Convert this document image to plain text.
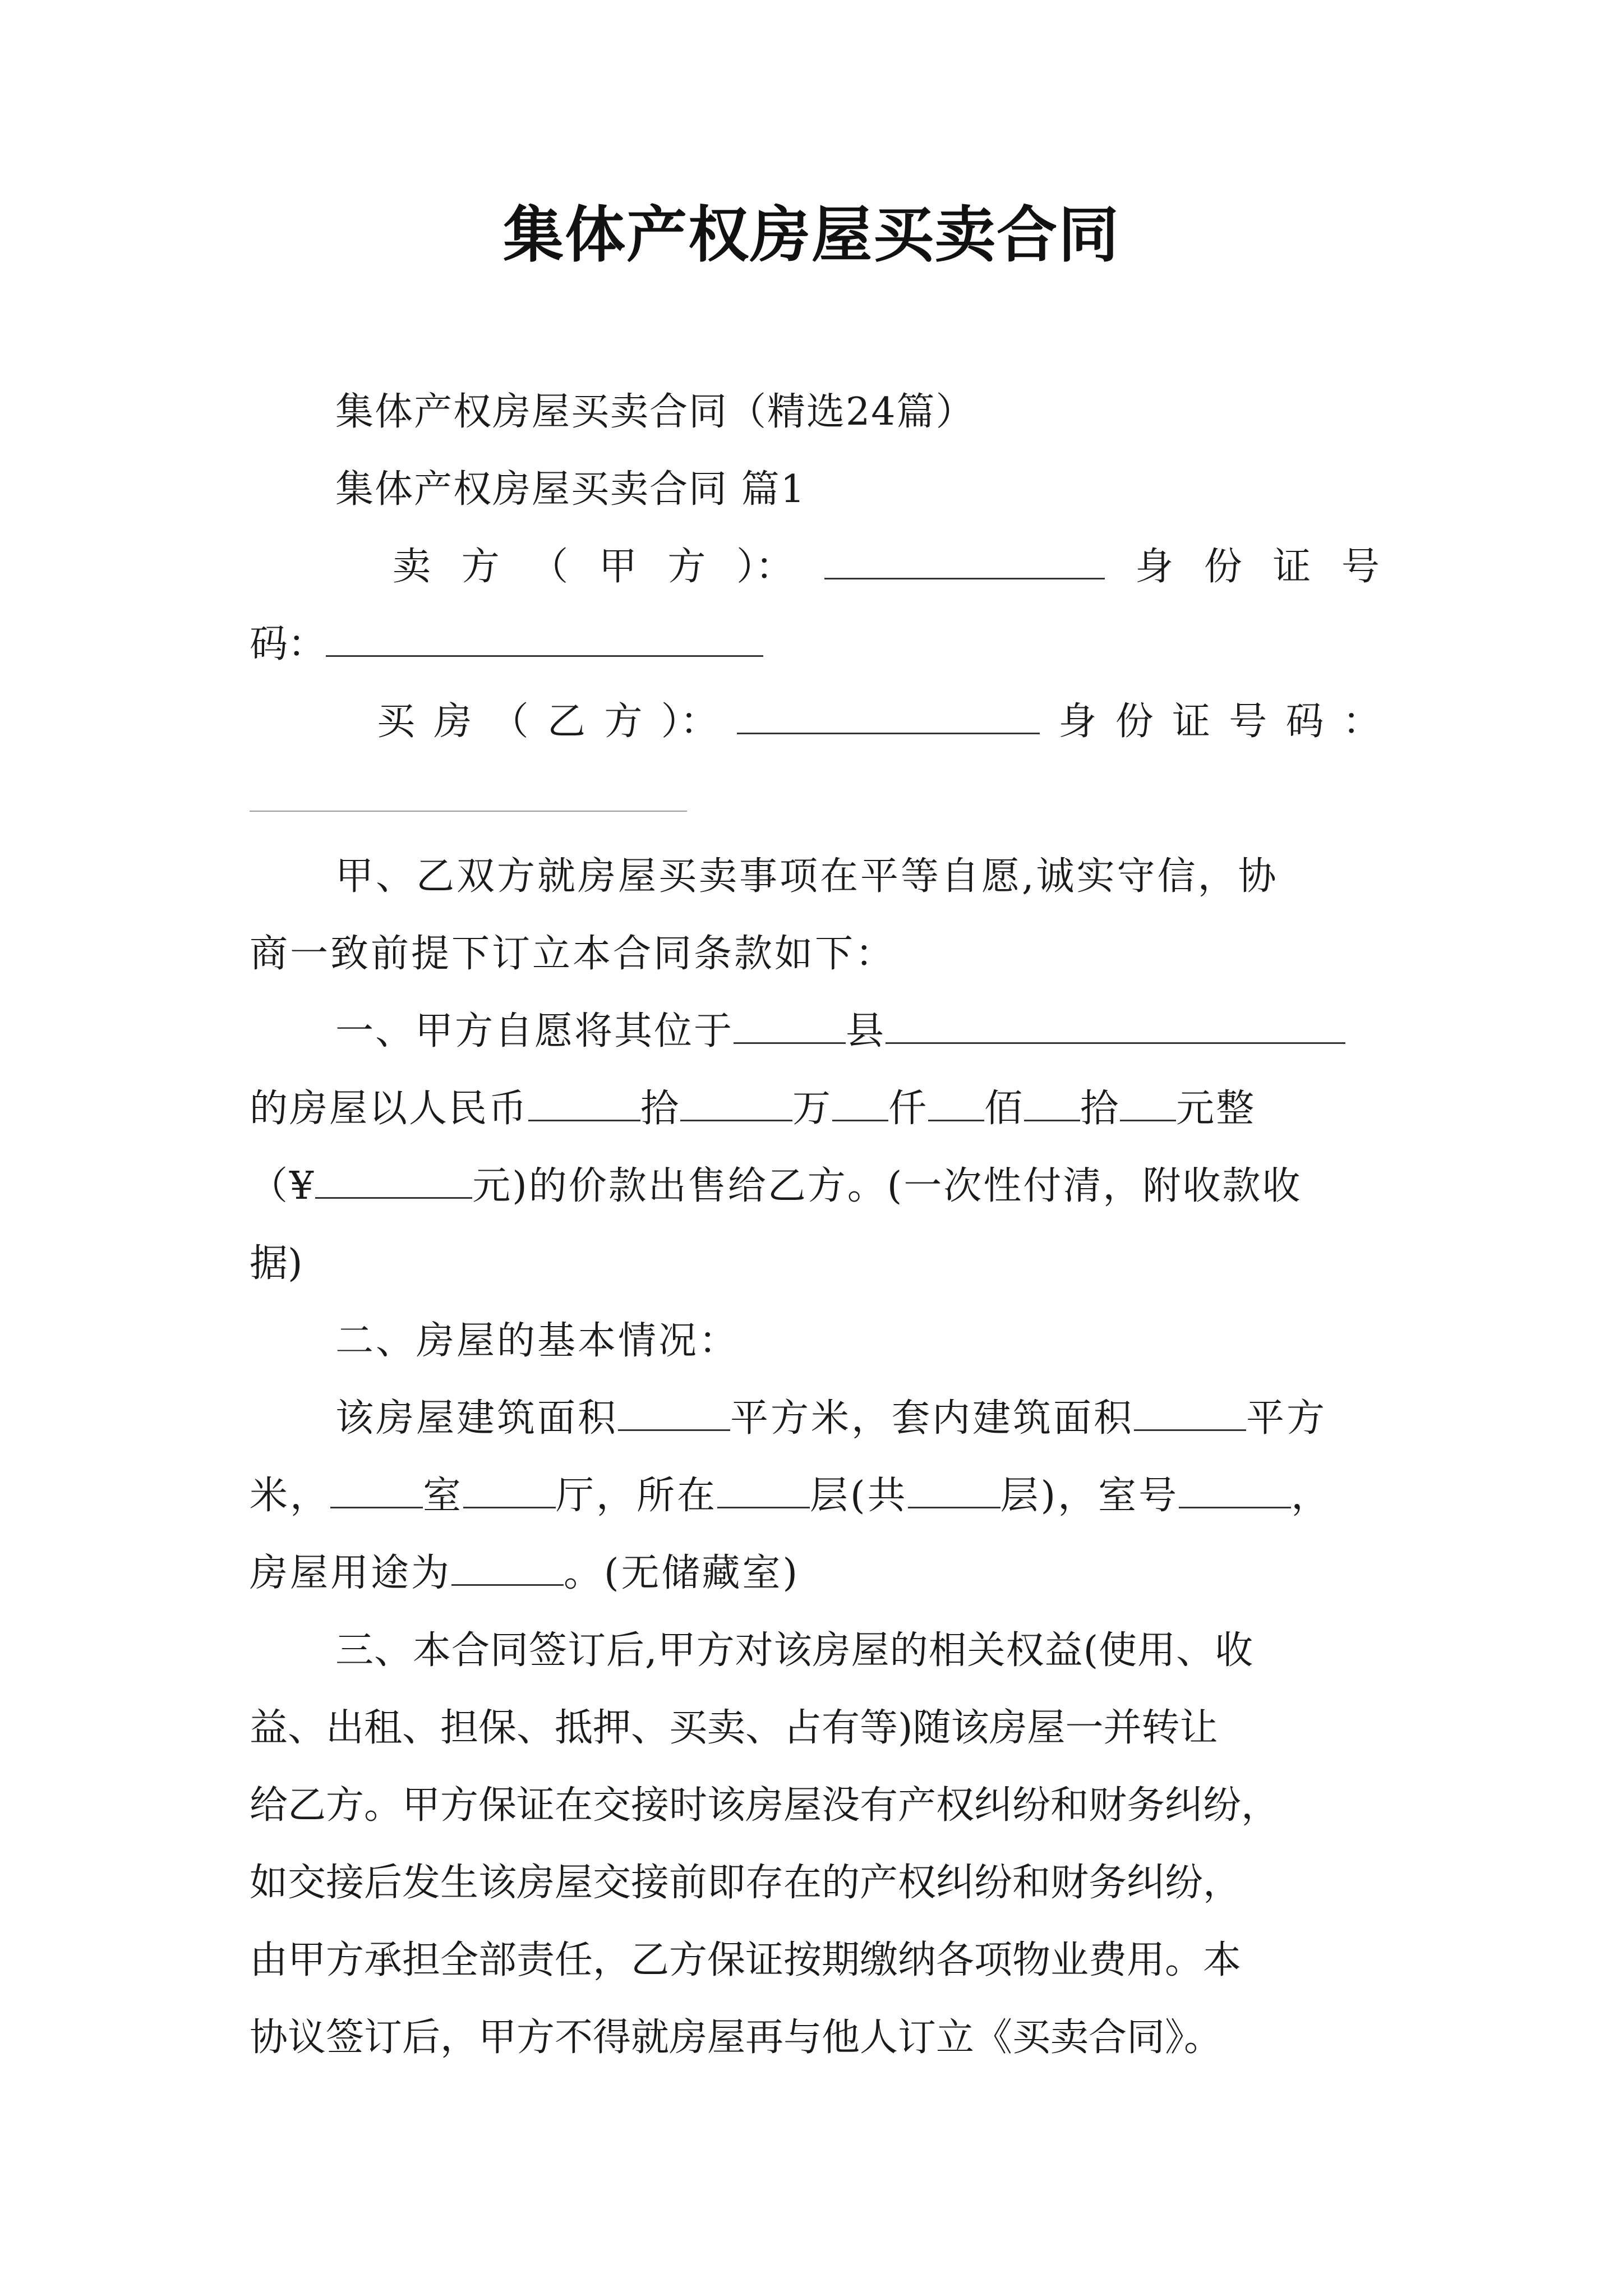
集体产权房屋买卖合同
集体产权房屋买卖合同（精选24篇）
集体产权房屋买卖合同 篇1
卖 方 （ 甲 方 ）：	身 份 证 号
码：
买 房 （ 乙 方 ）：	身 份 证 号 码 ：
甲、乙双方就房屋买卖事项在平等自愿,诚实守信，协
商一致前提下订立本合同条款如下：
一、甲方自愿将其位于	县
的房屋以人民币	拾	万 仟 佰 拾 元整
（¥	元)的价款出售给乙方。(一次性付清，附收款收
据)
二、房屋的基本情况：
该房屋建筑面积	平方米，套内建筑面积	平方
米， 室 厅，所在 层(共 层)，室号	，
房屋用途为	。(无储藏室)
三、本合同签订后,甲方对该房屋的相关权益(使用、收
益、出租、担保、抵押、买卖、占有等)随该房屋一并转让
给乙方。甲方保证在交接时该房屋没有产权纠纷和财务纠纷，
如交接后发生该房屋交接前即存在的产权纠纷和财务纠纷，
由甲方承担全部责任，乙方保证按期缴纳各项物业费用。本
协议签订后，甲方不得就房屋再与他人订立《买卖合同》。
